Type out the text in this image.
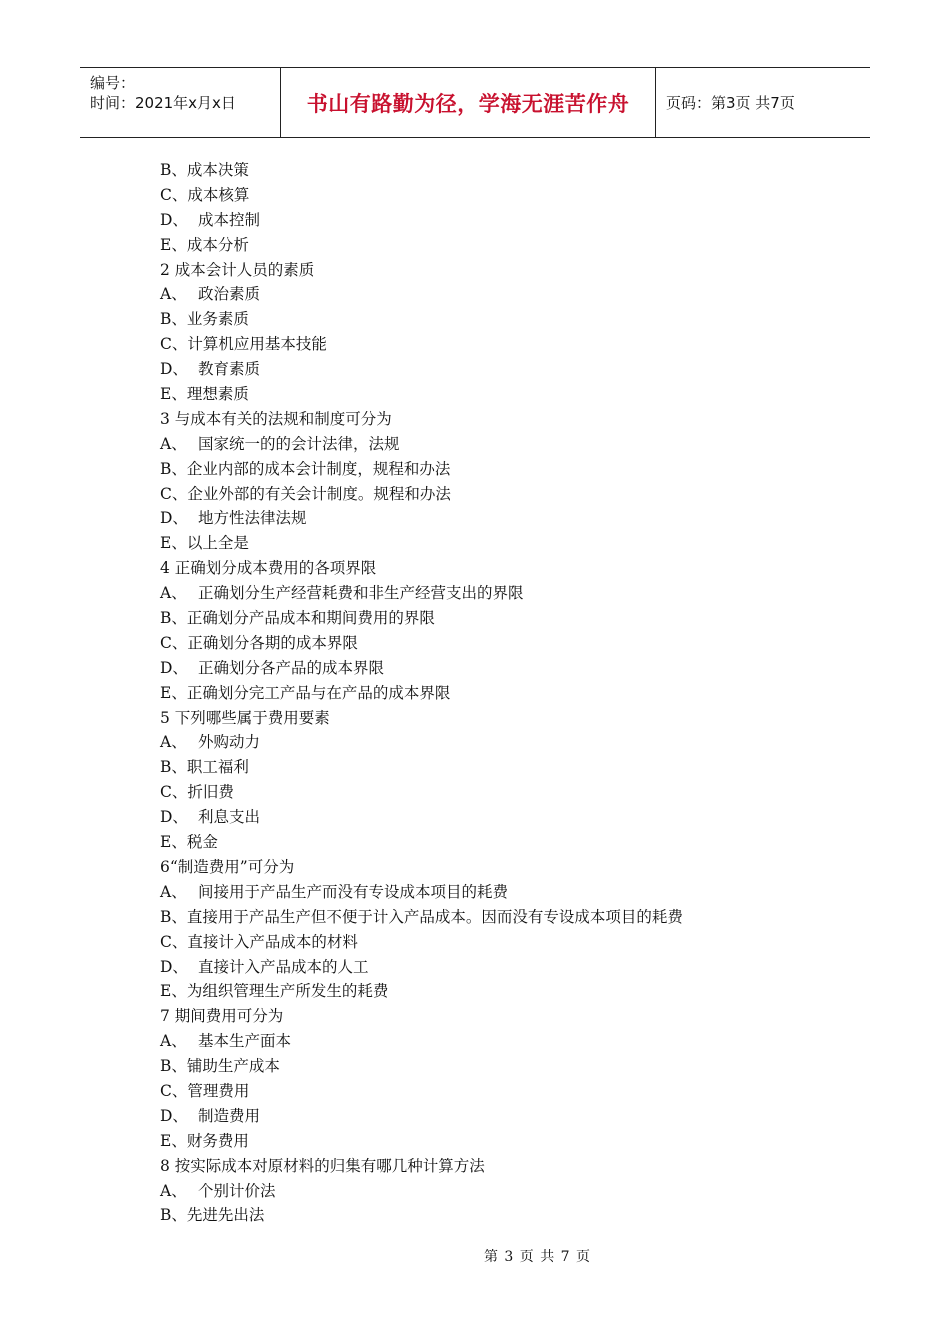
编号：
时间：2021年x月x日	书山有路勤为径，学海无涯苦作舟	页码：第3页 共7页
B、成本决策
C、成本核算
D、 成本控制
E、成本分析
2 成本会计人员的素质
A、 政治素质
B、业务素质
C、计算机应用基本技能
D、 教育素质
E、理想素质
3 与成本有关的法规和制度可分为
A、 国家统一的的会计法律，法规
B、企业内部的成本会计制度，规程和办法
C、企业外部的有关会计制度。规程和办法
D、 地方性法律法规
E、以上全是
4 正确划分成本费用的各项界限
A、 正确划分生产经营耗费和非生产经营支出的界限
B、正确划分产品成本和期间费用的界限
C、正确划分各期的成本界限
D、 正确划分各产品的成本界限
E、正确划分完工产品与在产品的成本界限
5 下列哪些属于费用要素
A、 外购动力
B、职工福利
C、折旧费
D、 利息支出
E、税金
6“制造费用”可分为
A、 间接用于产品生产而没有专设成本项目的耗费
B、直接用于产品生产但不便于计入产品成本。因而没有专设成本项目的耗费
C、直接计入产品成本的材料
D、 直接计入产品成本的人工
E、为组织管理生产所发生的耗费
7 期间费用可分为
A、 基本生产面本
B、铺助生产成本
C、管理费用
D、 制造费用
E、财务费用
8 按实际成本对原材料的归集有哪几种计算方法
A、 个别计价法
B、先进先出法
第 3 页 共 7 页
